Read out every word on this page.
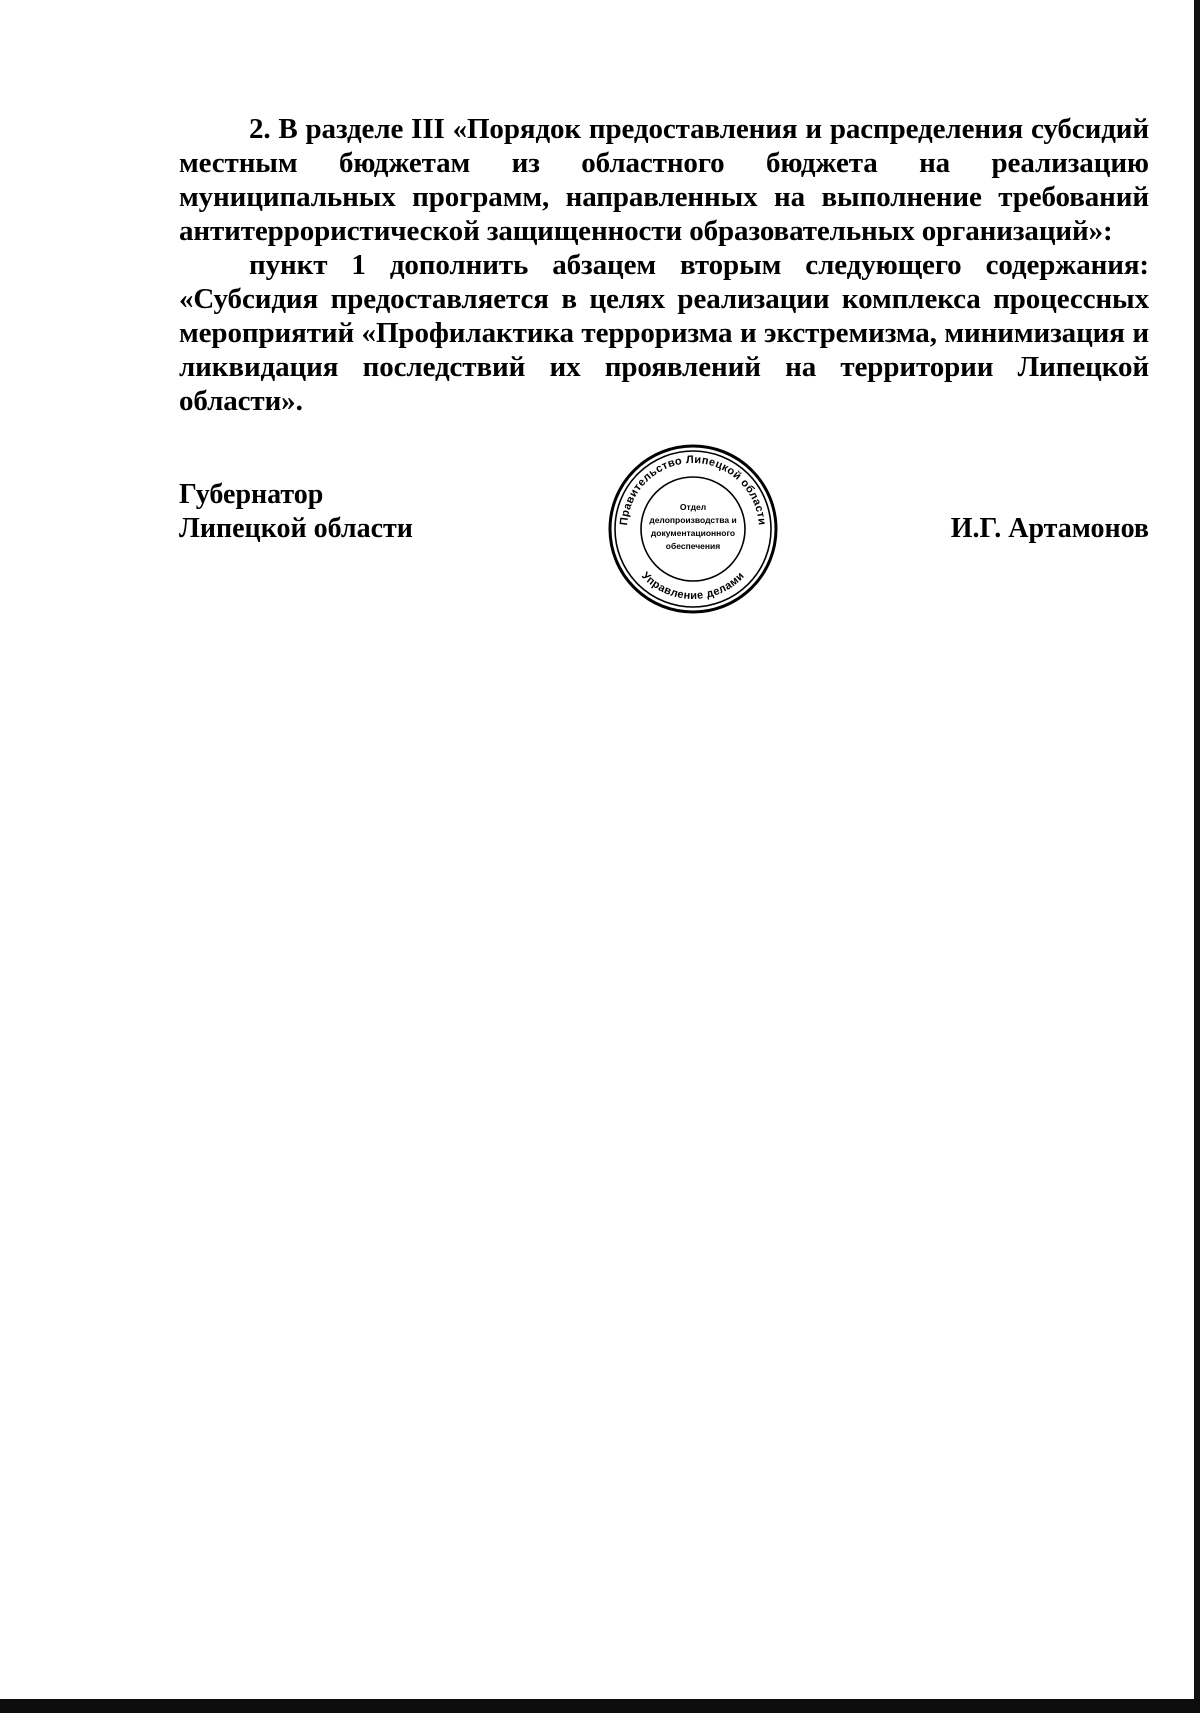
2. В разделе III «Порядок предоставления и распределения субсидий местным бюджетам из областного бюджета на реализацию муниципальных программ, направленных на выполнение требований антитеррористической защищенности образовательных организаций»:

пункт 1 дополнить абзацем вторым следующего содержания: «Субсидия предоставляется в целях реализации комплекса процессных мероприятий «Профилактика терроризма и экстремизма, минимизация и ликвидация последствий их проявлений на территории Липецкой области».

Губернатор
Липецкой области	И.Г. Артамонов
Правительство Липецкой области
Управление делами
Отдел
делопроизводства и
документационного
обеспечения
